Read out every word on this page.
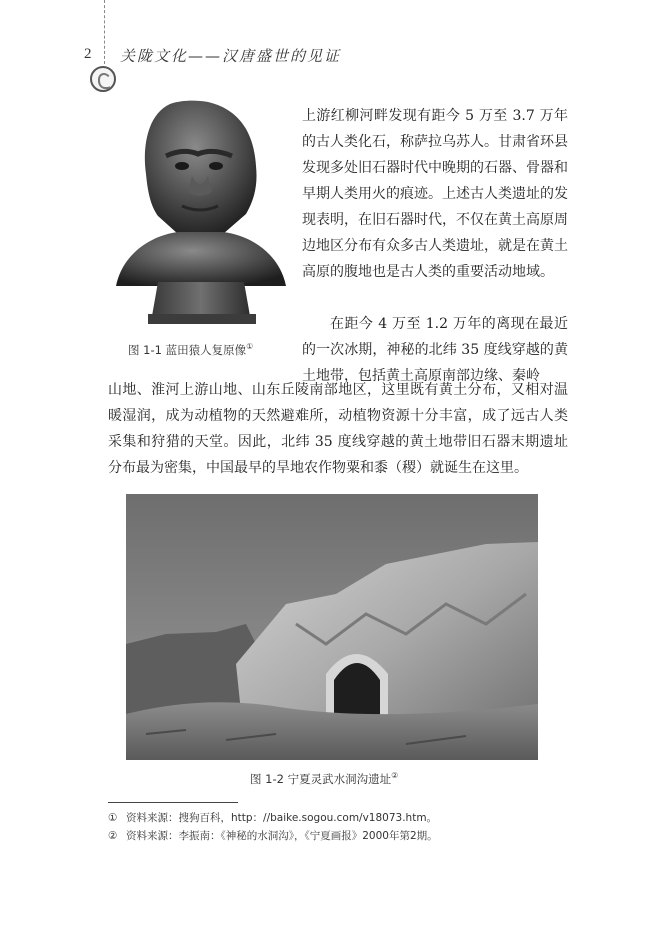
2 关陇文化——汉唐盛世的见证
图 1-1 蓝田猿人复原像①
上游红柳河畔发现有距今 5 万至 3.7 万年的古人类化石，称萨拉乌苏人。甘肃省环县发现多处旧石器时代中晚期的石器、骨器和早期人类用火的痕迹。上述古人类遗址的发现表明，在旧石器时代，不仅在黄土高原周边地区分布有众多古人类遗址，就是在黄土高原的腹地也是古人类的重要活动地域。
在距今 4 万至 1.2 万年的离现在最近的一次冰期，神秘的北纬 35 度线穿越的黄土地带，包括黄土高原南部边缘、秦岭
山地、淮河上游山地、山东丘陵南部地区，这里既有黄土分布，又相对温暖湿润，成为动植物的天然避难所，动植物资源十分丰富，成了远古人类采集和狩猎的天堂。因此，北纬 35 度线穿越的黄土地带旧石器末期遗址分布最为密集，中国最早的旱地农作物粟和黍（稷）就诞生在这里。
图 1-2 宁夏灵武水洞沟遗址②
① 资料来源：搜狗百科，http：//baike.sogou.com/v18073.htm。
② 资料来源：李振南：《神秘的水洞沟》，《宁夏画报》2000年第2期。
